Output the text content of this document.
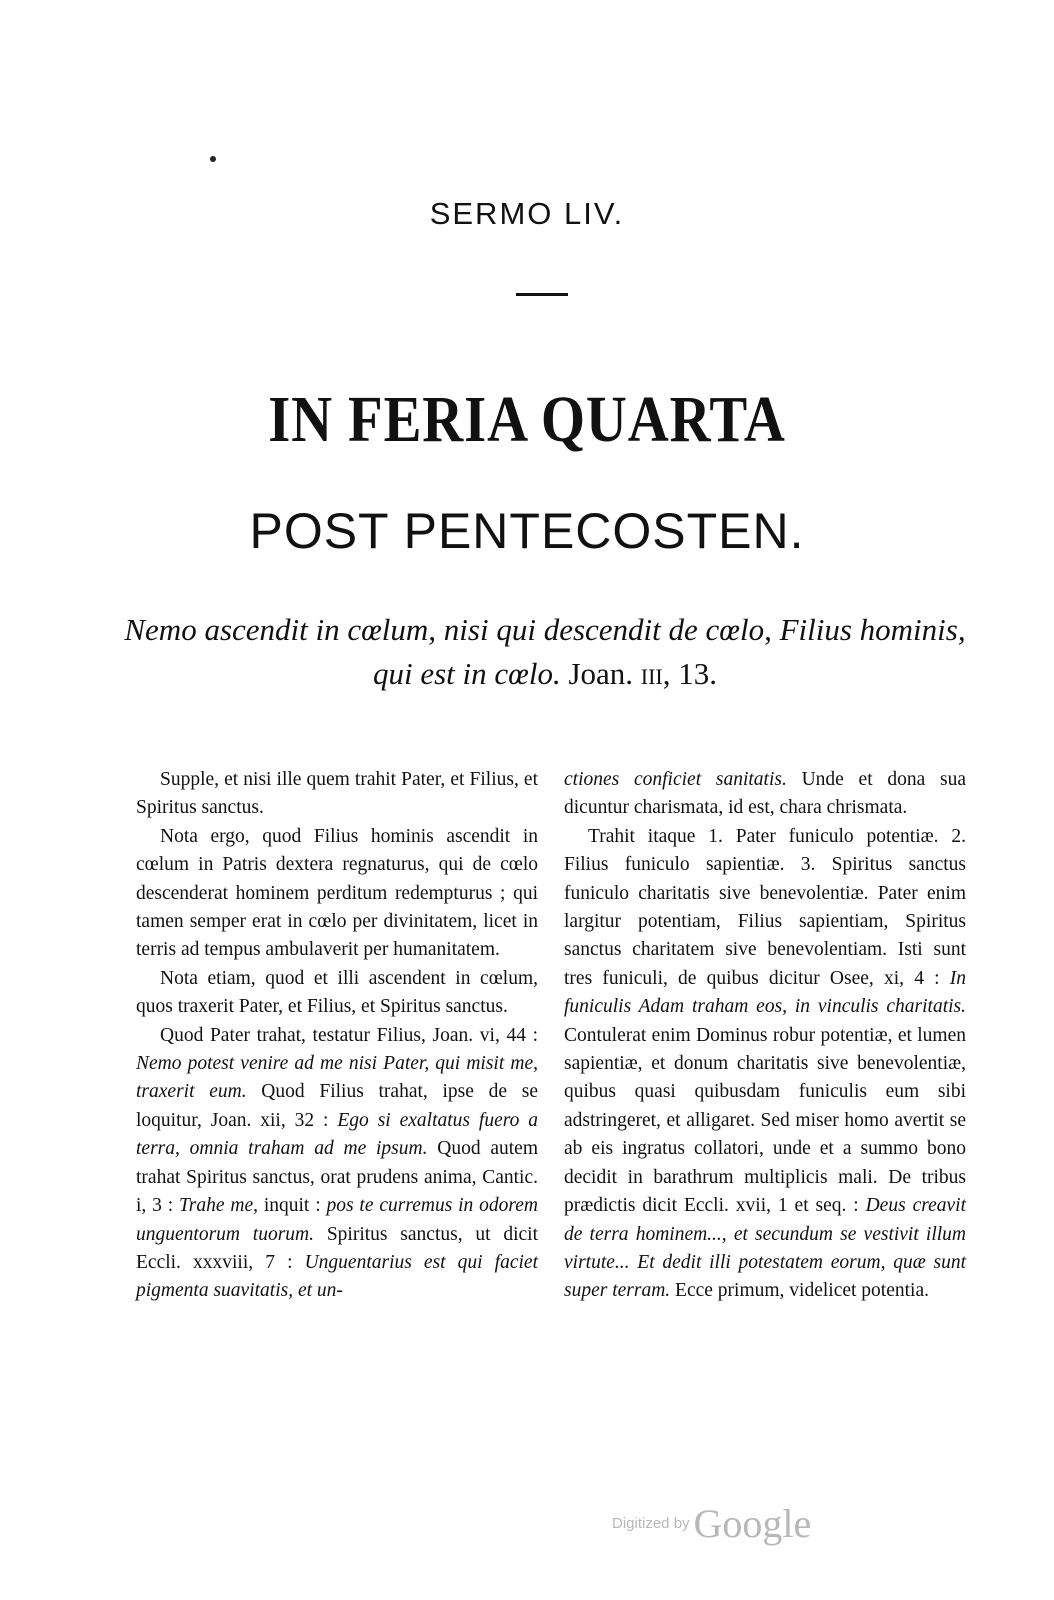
SERMO LIV.
IN FERIA QUARTA
POST PENTECOSTEN.
Nemo ascendit in cœlum, nisi qui descendit de cœlo, Filius hominis, qui est in cœlo. Joan. iii, 13.

Supple, et nisi ille quem trahit Pater, et Filius, et Spiritus sanctus.

Nota ergo, quod Filius hominis ascendit in cœlum in Patris dextera regnaturus, qui de cœlo descenderat hominem perditum redempturus ; qui tamen semper erat in cœlo per divinitatem, licet in terris ad tempus ambulaverit per humanitatem.

Nota etiam, quod et illi ascendent in cœlum, quos traxerit Pater, et Filius, et Spiritus sanctus.

Quod Pater trahat, testatur Filius, Joan. vi, 44 : Nemo potest venire ad me nisi Pater, qui misit me, traxerit eum. Quod Filius trahat, ipse de se loquitur, Joan. xii, 32 : Ego si exaltatus fuero a terra, omnia traham ad me ipsum. Quod autem trahat Spiritus sanctus, orat prudens anima, Cantic. i, 3 : Trahe me, inquit : pos te curremus in odorem unguentorum tuorum. Spiritus sanctus, ut dicit Eccli. xxxviii, 7 : Unguentarius est qui faciet pigmenta suavitatis, et un-

ctiones conficiet sanitatis. Unde et dona sua dicuntur charismata, id est, chara chrismata.

Trahit itaque 1. Pater funiculo potentiæ. 2. Filius funiculo sapientiæ. 3. Spiritus sanctus funiculo charitatis sive benevolentiæ. Pater enim largitur potentiam, Filius sapientiam, Spiritus sanctus charitatem sive benevolentiam. Isti sunt tres funiculi, de quibus dicitur Osee, xi, 4 : In funiculis Adam traham eos, in vinculis charitatis. Contulerat enim Dominus robur potentiæ, et lumen sapientiæ, et donum charitatis sive benevolentiæ, quibus quasi quibusdam funiculis eum sibi adstringeret, et alligaret. Sed miser homo avertit se ab eis ingratus collatori, unde et a summo bono decidit in barathrum multiplicis mali. De tribus prædictis dicit Eccli. xvii, 1 et seq. : Deus creavit de terra hominem..., et secundum se vestivit illum virtute... Et dedit illi potestatem eorum, quæ sunt super terram. Ecce primum, videlicet potentia.

Digitized by Google
